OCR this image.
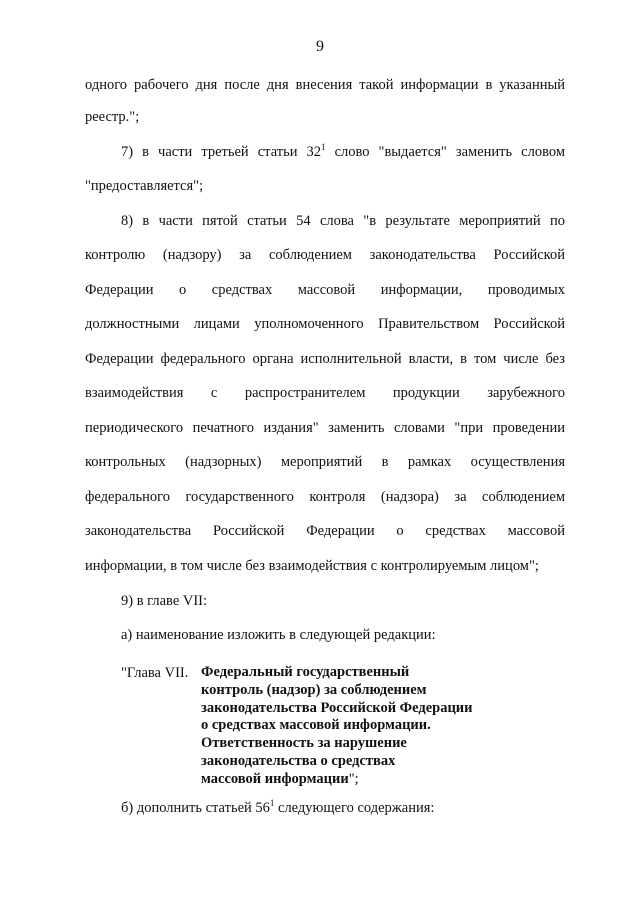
9
одного рабочего дня после дня внесения такой информации в указанный
реестр.";
7) в части третьей статьи $32^1$ слово "выдается" заменить словом
"предоставляется";
8) в части пятой статьи 54 слова "в результате мероприятий по
контролю (надзору) за соблюдением законодательства Российской
Федерации о средствах массовой информации, проводимых
должностными лицами уполномоченного Правительством Российской
Федерации федерального органа исполнительной власти, в том числе без
взаимодействия с распространителем продукции зарубежного
периодического печатного издания" заменить словами "при проведении
контрольных (надзорных) мероприятий в рамках осуществления
федерального государственного контроля (надзора) за соблюдением
законодательства Российской Федерации о средствах массовой
информации, в том числе без взаимодействия с контролируемым лицом";
9) в главе VII:
а) наименование изложить в следующей редакции:
"Глава VII. Федеральный государственный
контроль (надзор) за соблюдением
законодательства Российской Федерации
о средствах массовой информации.
Ответственность за нарушение
законодательства о средствах
массовой информации";
б) дополнить статьей $56^1$ следующего содержания:
